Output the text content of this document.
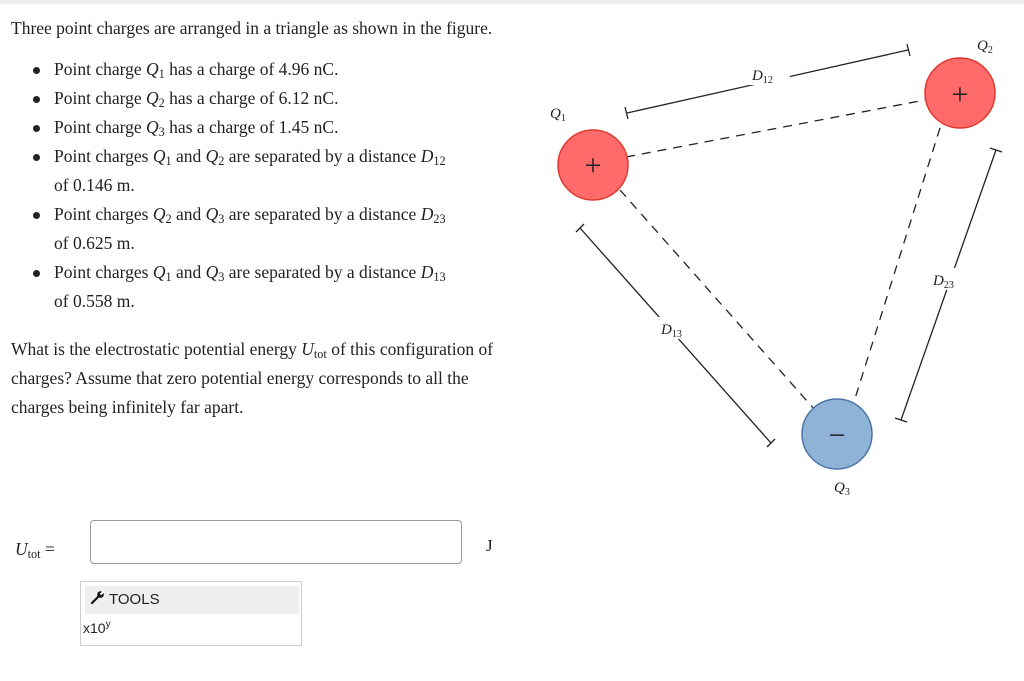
Three point charges are arranged in a triangle as shown in the figure.

Point charge $Q_1$ has a charge of 4.96 nC.
Point charge $Q_2$ has a charge of 6.12 nC.
Point charge $Q_3$ has a charge of 1.45 nC.
Point charges $Q_1$ and $Q_2$ are separated by a distance $D_{12}$
of 0.146 m.
Point charges $Q_2$ and $Q_3$ are separated by a distance $D_{23}$
of 0.625 m.
Point charges $Q_1$ and $Q_3$ are separated by a distance $D_{13}$
of 0.558 m.

What is the electrostatic potential energy $U_{tot}$ of this configuration of charges? Assume that zero potential energy corresponds to all the charges being infinitely far apart.

$U_{tot}$ =	J
TOOLS
x10$^y$
$D_{12}$
$D_{23}$
$D_{13}$
+
$Q_1$
+
$Q_2$
−
$Q_3$
